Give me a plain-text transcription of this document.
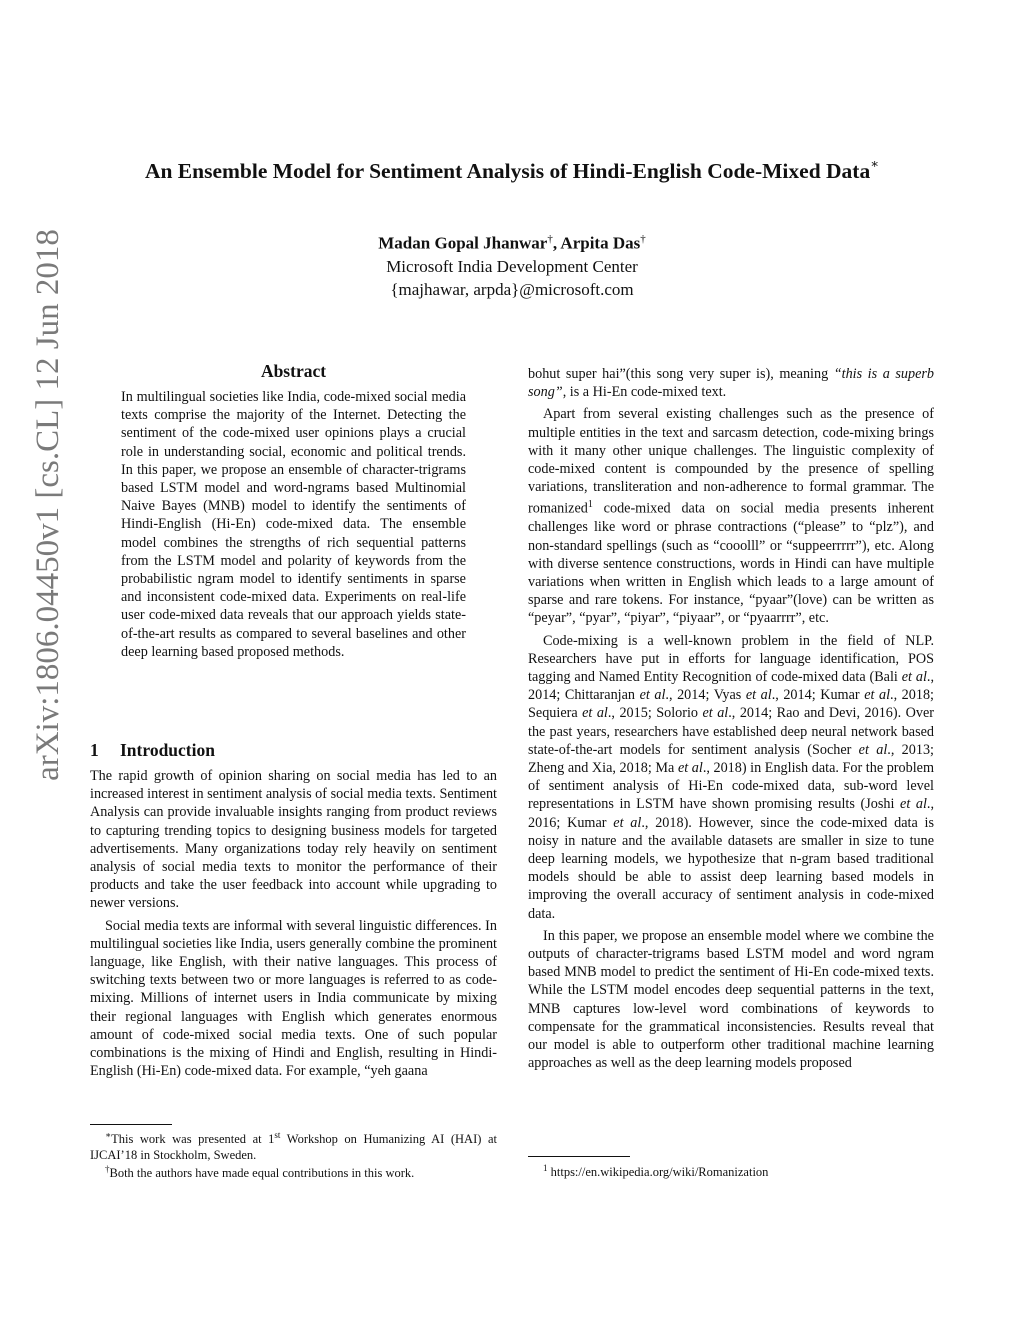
arXiv:1806.04450v1 [cs.CL] 12 Jun 2018
An Ensemble Model for Sentiment Analysis of Hindi-English Code-Mixed Data∗
Madan Gopal Jhanwar†, Arpita Das†
Microsoft India Development Center
{majhawar, arpda}@microsoft.com
Abstract
In multilingual societies like India, code-mixed social media texts comprise the majority of the Internet. Detecting the sentiment of the code-mixed user opinions plays a crucial role in understanding social, economic and political trends. In this paper, we propose an ensemble of character-trigrams based LSTM model and word-ngrams based Multinomial Naive Bayes (MNB) model to identify the sentiments of Hindi-English (Hi-En) code-mixed data. The ensemble model combines the strengths of rich sequential patterns from the LSTM model and polarity of keywords from the probabilistic ngram model to identify sentiments in sparse and inconsistent code-mixed data. Experiments on real-life user code-mixed data reveals that our approach yields state-of-the-art results as compared to several baselines and other deep learning based proposed methods.
1 Introduction

The rapid growth of opinion sharing on social media has led to an increased interest in sentiment analysis of social media texts. Sentiment Analysis can provide invaluable insights ranging from product reviews to capturing trending topics to designing business models for targeted advertisements. Many organizations today rely heavily on sentiment analysis of social media texts to monitor the performance of their products and take the user feedback into account while upgrading to newer versions.

Social media texts are informal with several linguistic differences. In multilingual societies like India, users generally combine the prominent language, like English, with their native languages. This process of switching texts between two or more languages is referred to as code-mixing. Millions of internet users in India communicate by mixing their regional languages with English which generates enormous amount of code-mixed social media texts. One of such popular combinations is the mixing of Hindi and English, resulting in Hindi-English (Hi-En) code-mixed data. For example, “yeh gaana

∗This work was presented at 1st Workshop on Humanizing AI (HAI) at IJCAI’18 in Stockholm, Sweden.
†Both the authors have made equal contributions in this work.

bohut super hai”(this song very super is), meaning “this is a superb song”, is a Hi-En code-mixed text.

Apart from several existing challenges such as the presence of multiple entities in the text and sarcasm detection, code-mixing brings with it many other unique challenges. The linguistic complexity of code-mixed content is compounded by the presence of spelling variations, transliteration and non-adherence to formal grammar. The romanized$^1$ code-mixed data on social media presents inherent challenges like word or phrase contractions (“please” to “plz”), and non-standard spellings (such as “cooolll” or “suppeerrrrr”), etc. Along with diverse sentence constructions, words in Hindi can have multiple variations when written in English which leads to a large amount of sparse and rare tokens. For instance, “pyaar”(love) can be written as “peyar”, “pyar”, “piyar”, “piyaar”, or “pyaarrrr”, etc.

Code-mixing is a well-known problem in the field of NLP. Researchers have put in efforts for language identification, POS tagging and Named Entity Recognition of code-mixed data (Bali et al., 2014; Chittaranjan et al., 2014; Vyas et al., 2014; Kumar et al., 2018; Sequiera et al., 2015; Solorio et al., 2014; Rao and Devi, 2016). Over the past years, researchers have established deep neural network based state-of-the-art models for sentiment analysis (Socher et al., 2013; Zheng and Xia, 2018; Ma et al., 2018) in English data. For the problem of sentiment analysis of Hi-En code-mixed data, sub-word level representations in LSTM have shown promising results (Joshi et al., 2016; Kumar et al., 2018). However, since the code-mixed data is noisy in nature and the available datasets are smaller in size to tune deep learning models, we hypothesize that n-gram based traditional models should be able to assist deep learning based models in improving the overall accuracy of sentiment analysis in code-mixed data.

In this paper, we propose an ensemble model where we combine the outputs of character-trigrams based LSTM model and word ngram based MNB model to predict the sentiment of Hi-En code-mixed texts. While the LSTM model encodes deep sequential patterns in the text, MNB captures low-level word combinations of keywords to compensate for the grammatical inconsistencies. Results reveal that our model is able to outperform other traditional machine learning approaches as well as the deep learning models proposed

$^1$ https://en.wikipedia.org/wiki/Romanization
